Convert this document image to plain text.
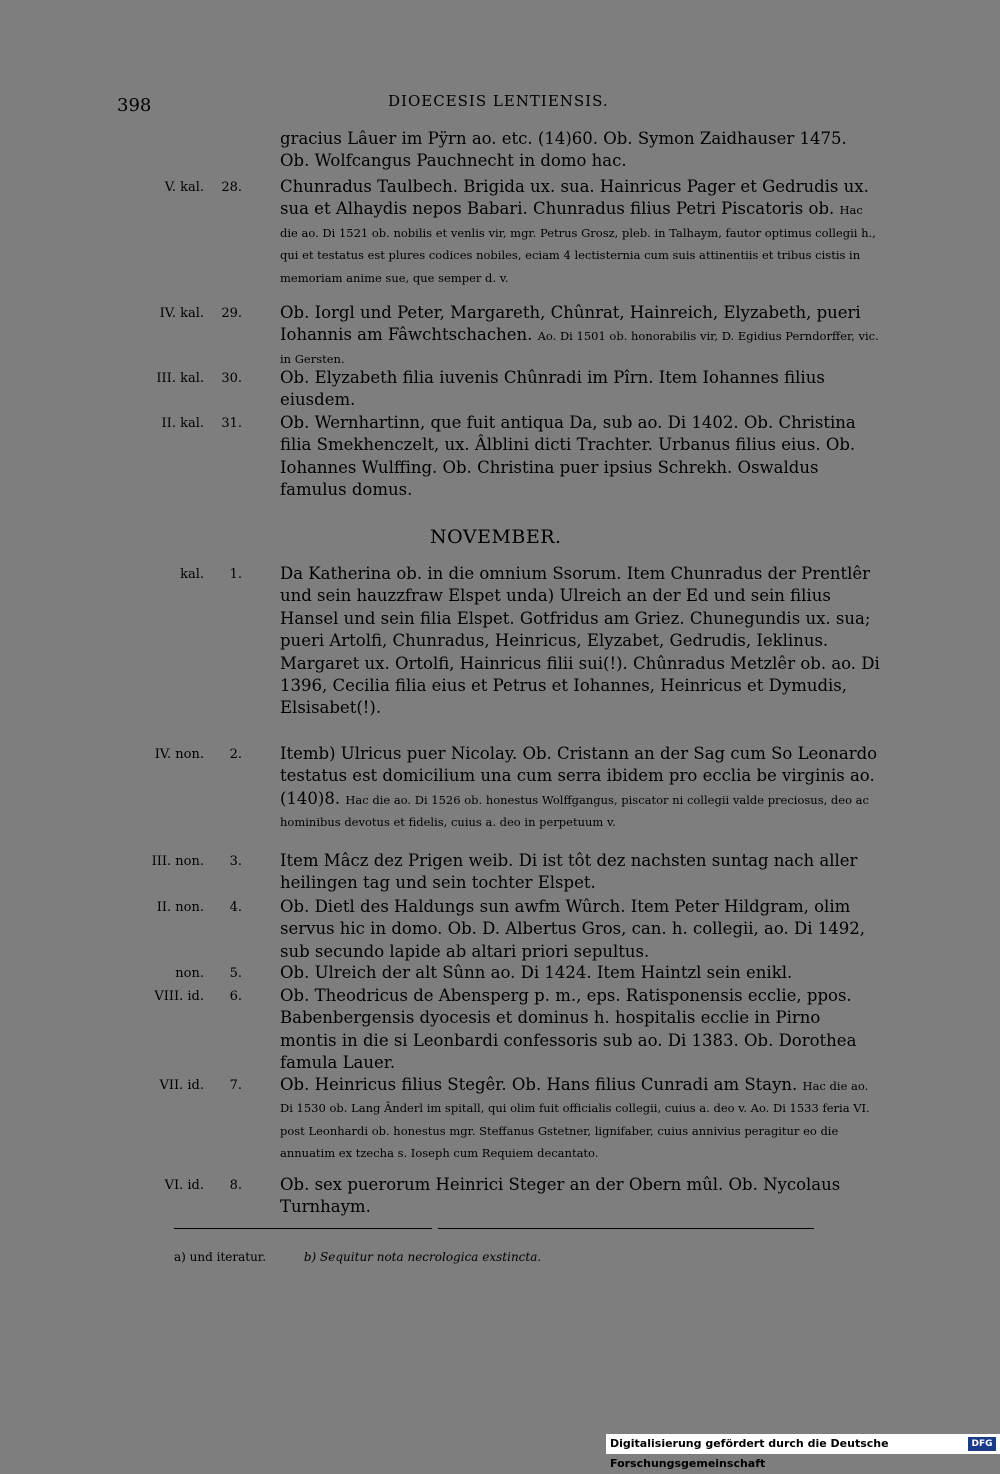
398	DIOECESIS LENTIENSIS.
gracius Lâuer im Pÿrn ao. etc. (14)60. Ob. Symon Zaidhauser 1475. Ob. Wolfcangus Pauchnecht in domo hac.
V. kal.	28.	Chunradus Taulbech. Brigida ux. sua. Hainricus Pager et Gedrudis ux. sua et Alhaydis nepos Babari. Chunradus filius Petri Piscatoris ob. Hac die ao. Di 1521 ob. nobilis et venlis vir, mgr. Petrus Grosz, pleb. in Talhaym, fautor optimus collegii h., qui et testatus est plures codices nobiles, eciam 4 lectisternia cum suis attinentiis et tribus cistis in memoriam anime sue, que semper d. v.
IV. kal.	29.	Ob. Iorgl und Peter, Margareth, Chûnrat, Hainreich, Elyzabeth, pueri Iohannis am Fâwchtschachen. Ao. Di 1501 ob. honorabilis vir, D. Egidius Perndorffer, vic. in Gersten.
III. kal.	30.	Ob. Elyzabeth filia iuvenis Chûnradi im Pîrn. Item Iohannes filius eiusdem.
II. kal.	31.	Ob. Wernhartinn, que fuit antiqua Da, sub ao. Di 1402. Ob. Christina filia Smekhenczelt, ux. Âlblini dicti Trachter. Urbanus filius eius. Ob. Iohannes Wulffing. Ob. Christina puer ipsius Schrekh. Oswaldus famulus domus.
NOVEMBER.
kal.	1.	Da Katherina ob. in die omnium Ssorum. Item Chunradus der Prentlêr und sein hauzzfraw Elspet unda) Ulreich an der Ed und sein filius Hansel und sein filia Elspet. Gotfridus am Griez. Chunegundis ux. sua; pueri Artolfi, Chunradus, Heinricus, Elyzabet, Gedrudis, Ieklinus. Margaret ux. Ortolfi, Hainricus filii sui(!). Chûnradus Metzlêr ob. ao. Di 1396, Cecilia filia eius et Petrus et Iohannes, Heinricus et Dymudis, Elsisabet(!).
IV. non.	2.	Itemb) Ulricus puer Nicolay. Ob. Cristann an der Sag cum So Leonardo testatus est domicilium una cum serra ibidem pro ecclia be virginis ao. (140)8. Hac die ao. Di 1526 ob. honestus Wolffgangus, piscator ni collegii valde preciosus, deo ac hominibus devotus et fidelis, cuius a. deo in perpetuum v.
III. non.	3.	Item Mâcz dez Prigen weib. Di ist tôt dez nachsten suntag nach aller heilingen tag und sein tochter Elspet.
II. non.	4.	Ob. Dietl des Haldungs sun awfm Wûrch. Item Peter Hildgram, olim servus hic in domo. Ob. D. Albertus Gros, can. h. collegii, ao. Di 1492, sub secundo lapide ab altari priori sepultus.
non.	5.	Ob. Ulreich der alt Sûnn ao. Di 1424. Item Haintzl sein enikl.
VIII. id.	6.	Ob. Theodricus de Abensperg p. m., eps. Ratisponensis ecclie, ppos. Babenbergensis dyocesis et dominus h. hospitalis ecclie in Pirno montis in die si Leonbardi confessoris sub ao. Di 1383. Ob. Dorothea famula Lauer.
VII. id.	7.	Ob. Heinricus filius Stegêr. Ob. Hans filius Cunradi am Stayn. Hac die ao. Di 1530 ob. Lang Ânderl im spitall, qui olim fuit officialis collegii, cuius a. deo v. Ao. Di 1533 feria VI. post Leonhardi ob. honestus mgr. Steffanus Gstetner, lignifaber, cuius annivius peragitur eo die annuatim ex tzecha s. Ioseph cum Requiem decantato.
VI. id.	8.	Ob. sex puerorum Heinrici Steger an der Obern mûl. Ob. Nycolaus Turnhaym.
a) und iteratur.	b) Sequitur nota necrologica exstincta.
Digitalisierung gefördert durch die Deutsche Forschungsgemeinschaft
DFG
